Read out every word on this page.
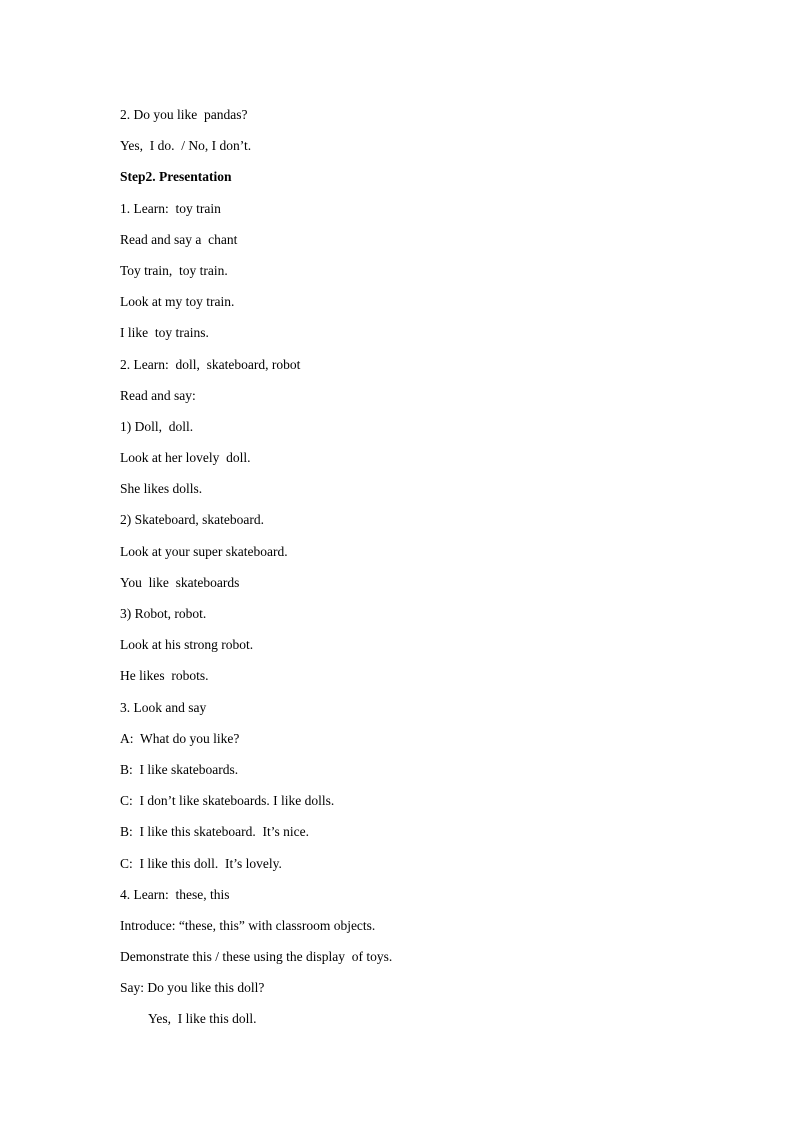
2. Do you like  pandas?
Yes,  I do.  / No, I don’t.
Step2. Presentation
1. Learn:  toy train
Read and say a  chant
Toy train,  toy train.
Look at my toy train.
I like  toy trains.
2. Learn:  doll,  skateboard, robot
Read and say:
1) Doll,  doll.
Look at her lovely  doll.
She likes dolls.
2) Skateboard, skateboard.
Look at your super skateboard.
You  like  skateboards
3) Robot, robot.
Look at his strong robot.
He likes  robots.
3. Look and say
A:  What do you like?
B:  I like skateboards.
C:  I don’t like skateboards. I like dolls.
B:  I like this skateboard.  It’s nice.
C:  I like this doll.  It’s lovely.
4. Learn:  these, this
Introduce: “these, this” with classroom objects.
Demonstrate this / these using the display  of toys.
Say: Do you like this doll?
Yes,  I like this doll.
